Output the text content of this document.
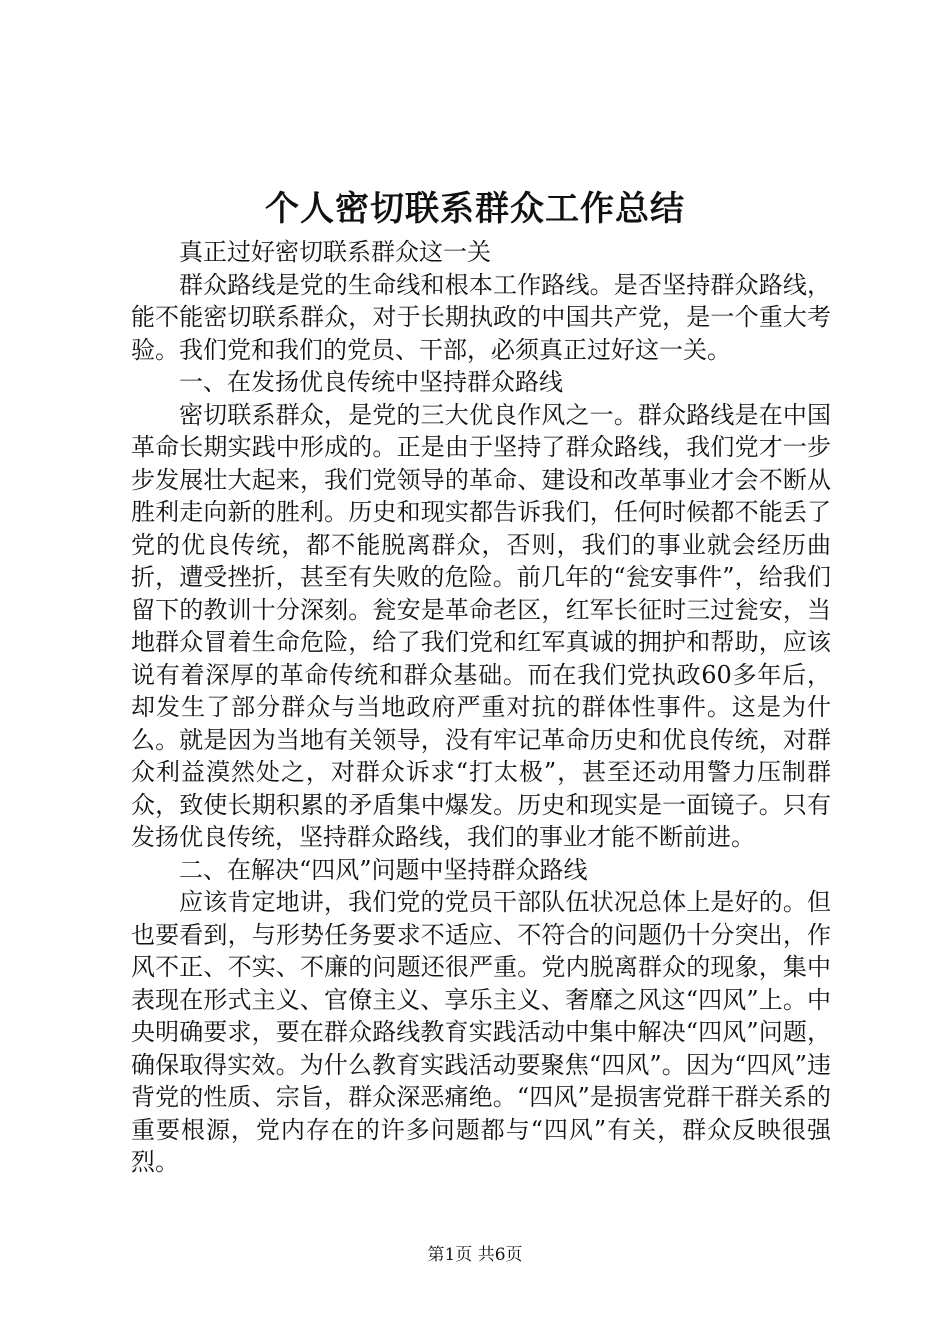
个人密切联系群众工作总结

真正过好密切联系群众这一关

群众路线是党的生命线和根本工作路线。是否坚持群众路线，能不能密切联系群众，对于长期执政的中国共产党，是一个重大考验。我们党和我们的党员、干部，必须真正过好这一关。

一、在发扬优良传统中坚持群众路线

密切联系群众，是党的三大优良作风之一。群众路线是在中国革命长期实践中形成的。正是由于坚持了群众路线，我们党才一步步发展壮大起来，我们党领导的革命、建设和改革事业才会不断从胜利走向新的胜利。历史和现实都告诉我们，任何时候都不能丢了党的优良传统，都不能脱离群众，否则，我们的事业就会经历曲折，遭受挫折，甚至有失败的危险。前几年的“瓮安事件”，给我们留下的教训十分深刻。瓮安是革命老区，红军长征时三过瓮安，当地群众冒着生命危险，给了我们党和红军真诚的拥护和帮助，应该说有着深厚的革命传统和群众基础。而在我们党执政60多年后，却发生了部分群众与当地政府严重对抗的群体性事件。这是为什么。就是因为当地有关领导，没有牢记革命历史和优良传统，对群众利益漠然处之，对群众诉求“打太极”，甚至还动用警力压制群众，致使长期积累的矛盾集中爆发。历史和现实是一面镜子。只有发扬优良传统，坚持群众路线，我们的事业才能不断前进。

二、在解决“四风”问题中坚持群众路线

应该肯定地讲，我们党的党员干部队伍状况总体上是好的。但也要看到，与形势任务要求不适应、不符合的问题仍十分突出，作风不正、不实、不廉的问题还很严重。党内脱离群众的现象，集中表现在形式主义、官僚主义、享乐主义、奢靡之风这“四风”上。中央明确要求，要在群众路线教育实践活动中集中解决“四风”问题，确保取得实效。为什么教育实践活动要聚焦“四风”。因为“四风”违背党的性质、宗旨，群众深恶痛绝。“四风”是损害党群干群关系的重要根源，党内存在的许多问题都与“四风”有关，群众反映很强烈。

第1页 共6页
